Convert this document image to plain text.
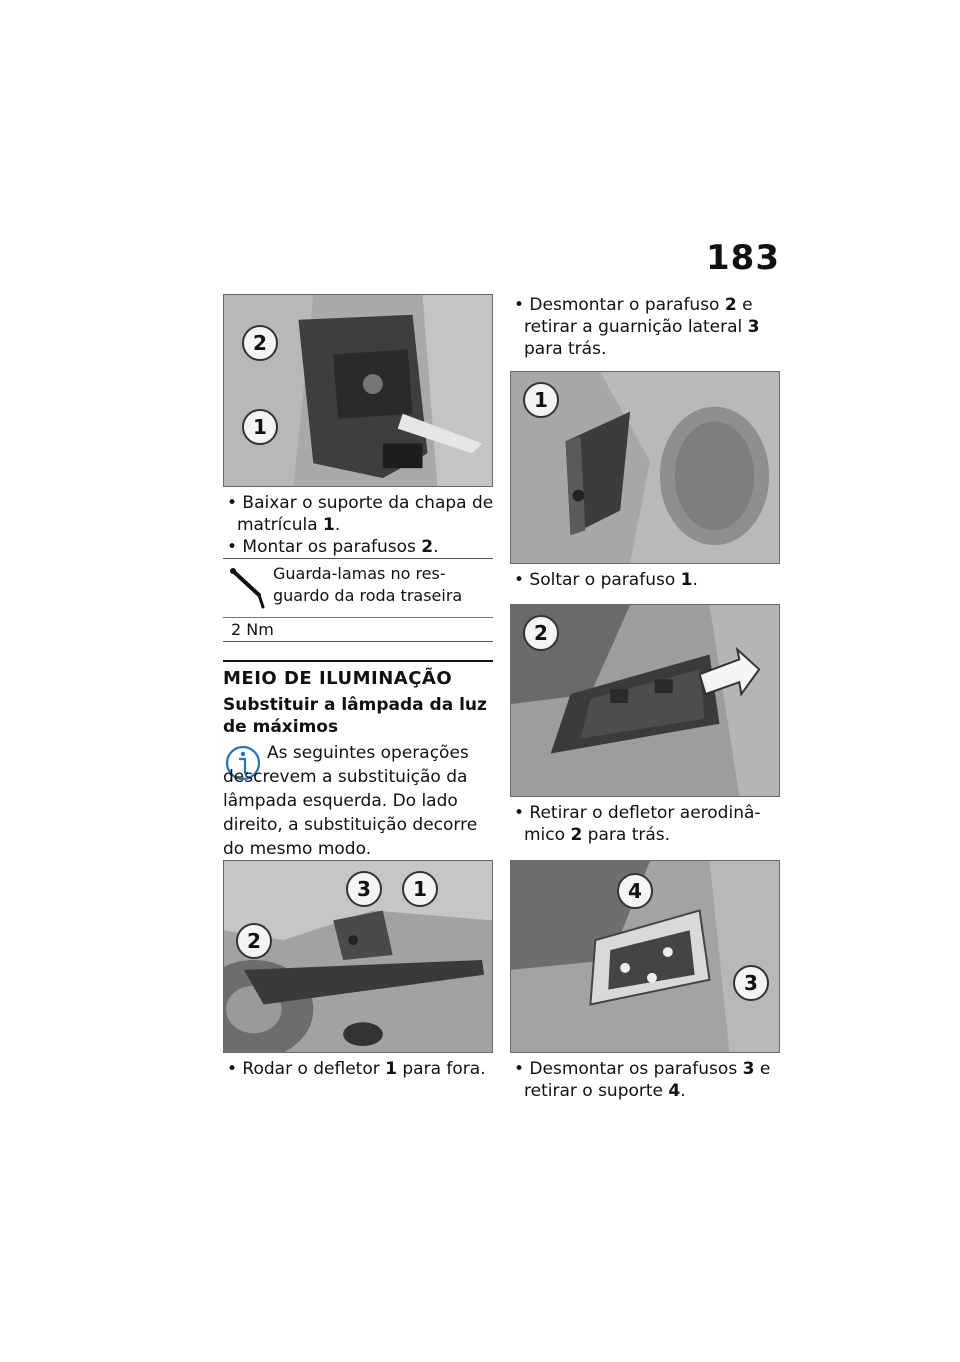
183
2
1
• Baixar o suporte da chapa de matrícula 1.
• Montar os parafusos 2.
Guarda-lamas no res-guardo da roda traseira
2 Nm
MEIO DE ILUMINAÇÃO
Substituir a lâmpada da luz de máximos
As seguintes operações descrevem a substituição da lâmpada esquerda. Do lado direito, a substituição decorre do mesmo modo.
3	1
2
• Rodar o defletor 1 para fora.
• Desmontar o parafuso 2 e retirar a guarnição lateral 3 para trás.
1
• Soltar o parafuso 1.
2
• Retirar o defletor aerodinâ-mico 2 para trás.
4
3
• Desmontar os parafusos 3 e retirar o suporte 4.
